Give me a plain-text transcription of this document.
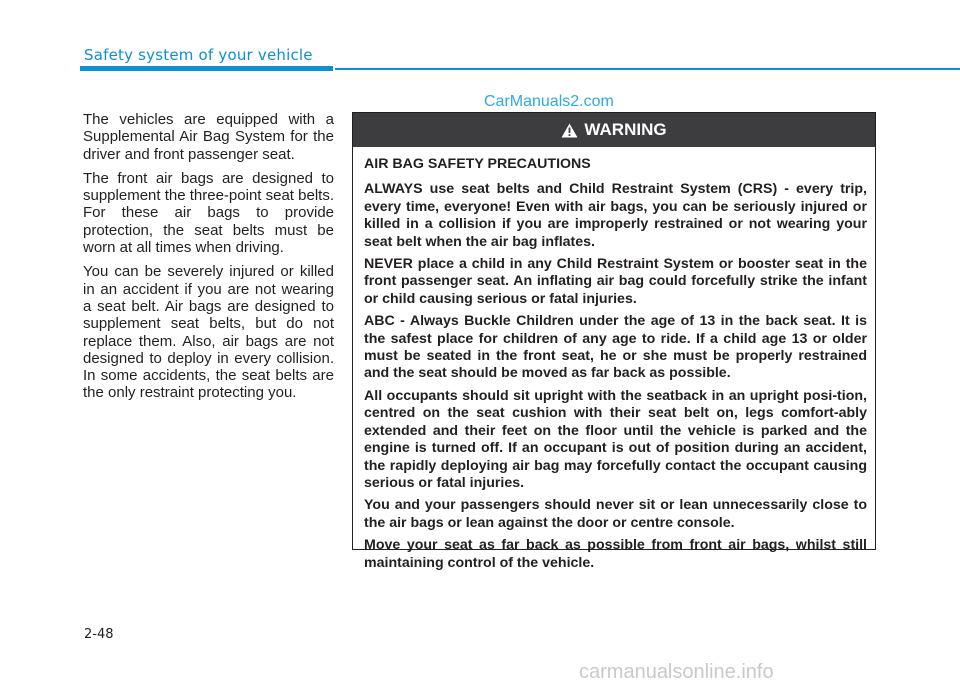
Safety system of your vehicle
CarManuals2.com

The vehicles are equipped with a Supplemental Air Bag System for the driver and front passenger seat.

The front air bags are designed to supplement the three-point seat belts. For these air bags to provide protection, the seat belts must be worn at all times when driving.

You can be severely injured or killed in an accident if you are not wearing a seat belt. Air bags are designed to supplement seat belts, but do not replace them. Also, air bags are not designed to deploy in every collision. In some accidents, the seat belts are the only restraint protecting you.

WARNING

AIR BAG SAFETY PRECAUTIONS

ALWAYS use seat belts and Child Restraint System (CRS) - every trip, every time, everyone! Even with air bags, you can be seriously injured or killed in a collision if you are improperly restrained or not wearing your seat belt when the air bag inflates.

NEVER place a child in any Child Restraint System or booster seat in the front passenger seat. An inflating air bag could forcefully strike the infant or child causing serious or fatal injuries.

ABC - Always Buckle Children under the age of 13 in the back seat. It is the safest place for children of any age to ride. If a child age 13 or older must be seated in the front seat, he or she must be properly restrained and the seat should be moved as far back as possible.

All occupants should sit upright with the seatback in an upright posi-tion, centred on the seat cushion with their seat belt on, legs comfort-ably extended and their feet on the floor until the vehicle is parked and the engine is turned off. If an occupant is out of position during an accident, the rapidly deploying air bag may forcefully contact the occupant causing serious or fatal injuries.

You and your passengers should never sit or lean unnecessarily close to the air bags or lean against the door or centre console.

Move your seat as far back as possible from front air bags, whilst still maintaining control of the vehicle.

2-48
carmanualsonline.info
